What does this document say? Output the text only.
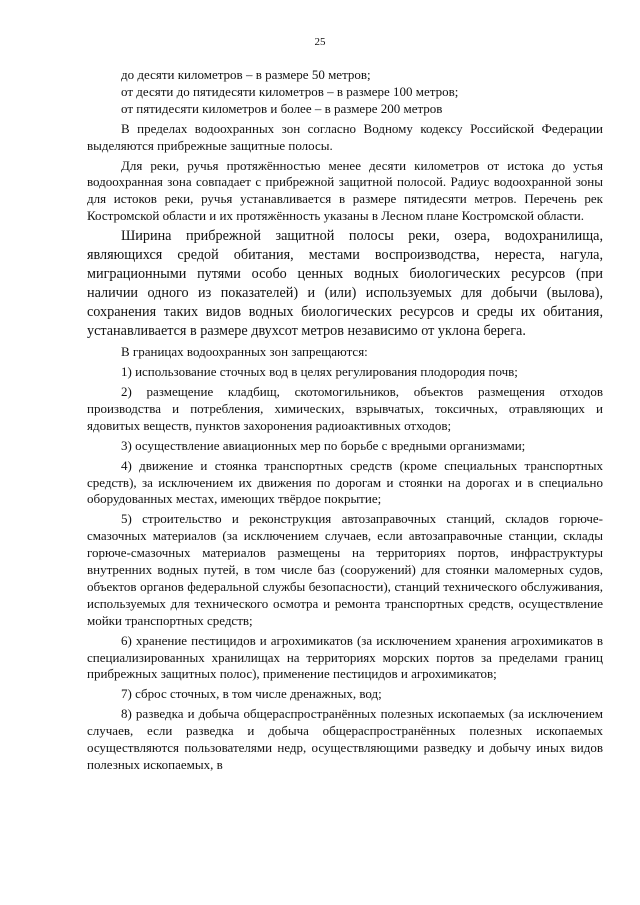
25

до десяти километров – в размере 50 метров;

от десяти до пятидесяти километров – в размере 100 метров;

от пятидесяти километров и более – в размере 200 метров

В пределах водоохранных зон согласно Водному кодексу Российской Федерации выделяются прибрежные защитные полосы.

Для реки, ручья протяжённостью менее десяти километров от истока до устья водоохранная зона совпадает с прибрежной защитной полосой. Радиус водоохранной зоны для истоков реки, ручья устанавливается в размере пятидесяти метров. Перечень рек Костромской области и их протяжённость указаны в Лесном плане Костромской области.

Ширина прибрежной защитной полосы реки, озера, водохранилища, являющихся средой обитания, местами воспроизводства, нереста, нагула, миграционными путями особо ценных водных биологических ресурсов (при наличии одного из показателей) и (или) используемых для добычи (вылова), сохранения таких видов водных биологических ресурсов и среды их обитания, устанавливается в размере двухсот метров независимо от уклона берега.

В границах водоохранных зон запрещаются:

1) использование сточных вод в целях регулирования плодородия почв;

2) размещение кладбищ, скотомогильников, объектов размещения отходов производства и потребления, химических, взрывчатых, токсичных, отравляющих и ядовитых веществ, пунктов захоронения радиоактивных отходов;

3) осуществление авиационных мер по борьбе с вредными организмами;

4) движение и стоянка транспортных средств (кроме специальных транспортных средств), за исключением их движения по дорогам и стоянки на дорогах и в специально оборудованных местах, имеющих твёрдое покрытие;

5) строительство и реконструкция автозаправочных станций, складов горюче-смазочных материалов (за исключением случаев, если автозаправочные станции, склады горюче-смазочных материалов размещены на территориях портов, инфраструктуры внутренних водных путей, в том числе баз (сооружений) для стоянки маломерных судов, объектов органов федеральной службы безопасности), станций технического обслуживания, используемых для технического осмотра и ремонта транспортных средств, осуществление мойки транспортных средств;

6) хранение пестицидов и агрохимикатов (за исключением хранения агрохимикатов в специализированных хранилищах на территориях морских портов за пределами границ прибрежных защитных полос), применение пестицидов и агрохимикатов;

7) сброс сточных, в том числе дренажных, вод;

8) разведка и добыча общераспространённых полезных ископаемых (за исключением случаев, если разведка и добыча общераспространённых полезных ископаемых осуществляются пользователями недр, осуществляющими разведку и добычу иных видов полезных ископаемых, в
